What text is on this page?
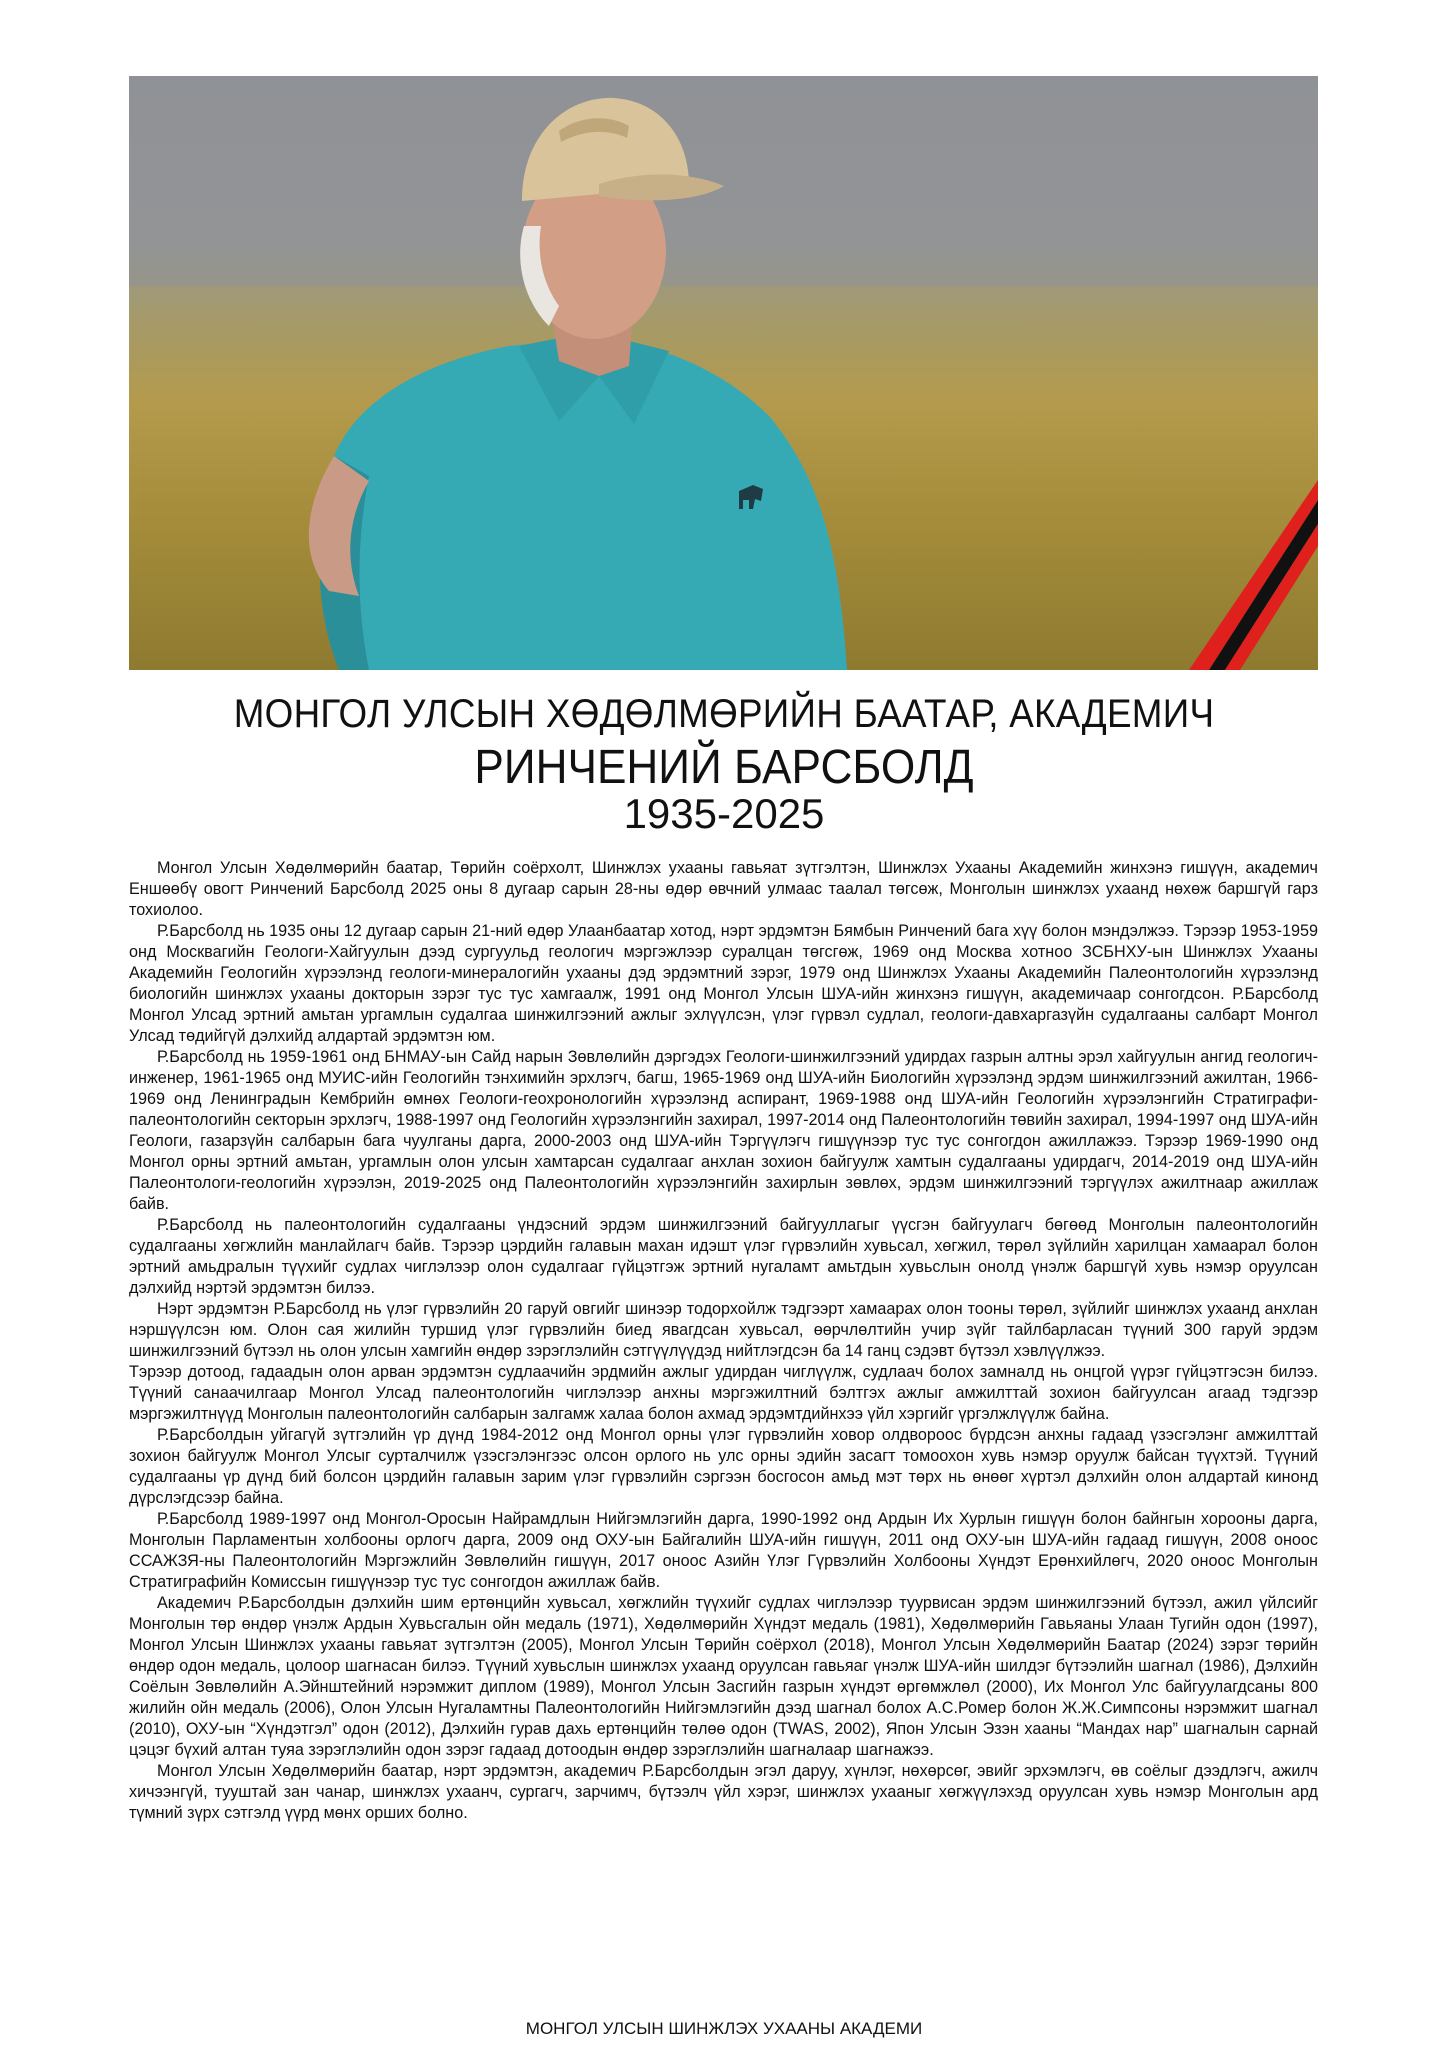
МОНГОЛ УЛСЫН ХӨДӨЛМӨРИЙН БААТАР, АКАДЕМИЧ
РИНЧЕНИЙ БАРСБОЛД
1935-2025

Монгол Улсын Хөдөлмөрийн баатар, Төрийн соёрхолт, Шинжлэх ухааны гавьяат зүтгэлтэн, Шинжлэх Ухааны Академийн жинхэнэ гишүүн, академич Еншөөбү овогт Ринчений Барсболд 2025 оны 8 дугаар сарын 28-ны өдөр өвчний улмаас таалал төгсөж, Монголын шинжлэх ухаанд нөхөж баршгүй гарз тохиолоо.

Р.Барсболд нь 1935 оны 12 дугаар сарын 21-ний өдөр Улаанбаатар хотод, нэрт эрдэмтэн Бямбын Ринчений бага хүү болон мэндэлжээ. Тэрээр 1953-1959 онд Москвагийн Геологи-Хайгуулын дээд сургуульд геологич мэргэжлээр суралцан төгсгөж, 1969 онд Москва хотноо ЗСБНХУ-ын Шинжлэх Ухааны Академийн Геологийн хүрээлэнд геологи-минералогийн ухааны дэд эрдэмтний зэрэг, 1979 онд Шинжлэх Ухааны Академийн Палеонтологийн хүрээлэнд биологийн шинжлэх ухааны докторын зэрэг тус тус хамгаалж, 1991 онд Монгол Улсын ШУА-ийн жинхэнэ гишүүн, академичаар сонгогдсон. Р.Барсболд Монгол Улсад эртний амьтан ургамлын судалгаа шинжилгээний ажлыг эхлүүлсэн, үлэг гүрвэл судлал, геологи-давхаргазүйн судалгааны салбарт Монгол Улсад төдийгүй дэлхийд алдартай эрдэмтэн юм.

Р.Барсболд нь 1959-1961 онд БНМАУ-ын Сайд нарын Зөвлөлийн дэргэдэх Геологи-шинжилгээний удирдах газрын алтны эрэл хайгуулын ангид геологич-инженер, 1961-1965 онд МУИС-ийн Геологийн тэнхимийн эрхлэгч, багш, 1965-1969 онд ШУА-ийн Биологийн хүрээлэнд эрдэм шинжилгээний ажилтан, 1966-1969 онд Ленинградын Кембрийн өмнөх Геологи-геохронологийн хүрээлэнд аспирант, 1969-1988 онд ШУА-ийн Геологийн хүрээлэнгийн Стратиграфи-палеонтологийн секторын эрхлэгч, 1988-1997 онд Геологийн хүрээлэнгийн захирал, 1997-2014 онд Палеонтологийн төвийн захирал, 1994-1997 онд ШУА-ийн Геологи, газарзүйн салбарын бага чуулганы дарга, 2000-2003 онд ШУА-ийн Тэргүүлэгч гишүүнээр тус тус сонгогдон ажиллажээ. Тэрээр 1969-1990 онд Монгол орны эртний амьтан, ургамлын олон улсын хамтарсан судалгааг анхлан зохион байгуулж хамтын судалгааны удирдагч, 2014-2019 онд ШУА-ийн Палеонтологи-геологийн хүрээлэн, 2019-2025 онд Палеонтологийн хүрээлэнгийн захирлын зөвлөх, эрдэм шинжилгээний тэргүүлэх ажилтнаар ажиллаж байв.

Р.Барсболд нь палеонтологийн судалгааны үндэсний эрдэм шинжилгээний байгууллагыг үүсгэн байгуулагч бөгөөд Монголын палеонтологийн судалгааны хөгжлийн манлайлагч байв. Тэрээр цэрдийн галавын махан идэшт үлэг гүрвэлийн хувьсал, хөгжил, төрөл зүйлийн харилцан хамаарал болон эртний амьдралын түүхийг судлах чиглэлээр олон судалгааг гүйцэтгэж эртний нугаламт амьтдын хувьслын онолд үнэлж баршгүй хувь нэмэр оруулсан дэлхийд нэртэй эрдэмтэн билээ.

Нэрт эрдэмтэн Р.Барсболд нь үлэг гүрвэлийн 20 гаруй овгийг шинээр тодорхойлж тэдгээрт хамаарах олон тооны төрөл, зүйлийг шинжлэх ухаанд анхлан нэршүүлсэн юм. Олон сая жилийн туршид үлэг гүрвэлийн биед явагдсан хувьсал, өөрчлөлтийн учир зүйг тайлбарласан түүний 300 гаруй эрдэм шинжилгээний бүтээл нь олон улсын хамгийн өндөр зэрэглэлийн сэтгүүлүүдэд нийтлэгдсэн ба 14 ганц сэдэвт бүтээл хэвлүүлжээ.

Тэрээр дотоод, гадаадын олон арван эрдэмтэн судлаачийн эрдмийн ажлыг удирдан чиглүүлж, судлаач болох замналд нь онцгой үүрэг гүйцэтгэсэн билээ. Түүний санаачилгаар Монгол Улсад палеонтологийн чиглэлээр анхны мэргэжилтний бэлтгэх ажлыг амжилттай зохион байгуулсан агаад тэдгээр мэргэжилтнүүд Монголын палеонтологийн салбарын залгамж халаа болон ахмад эрдэмтдийнхээ үйл хэргийг үргэлжлүүлж байна.

Р.Барсболдын уйгагүй зүтгэлийн үр дүнд 1984-2012 онд Монгол орны үлэг гүрвэлийн ховор олдвороос бүрдсэн анхны гадаад үзэсгэлэнг амжилттай зохион байгуулж Монгол Улсыг сурталчилж үзэсгэлэнгээс олсон орлого нь улс орны эдийн засагт томоохон хувь нэмэр оруулж байсан түүхтэй. Түүний судалгааны үр дүнд бий болсон цэрдийн галавын зарим үлэг гүрвэлийн сэргээн босгосон амьд мэт төрх нь өнөөг хүртэл дэлхийн олон алдартай кинонд дүрслэгдсээр байна.

Р.Барсболд 1989-1997 онд Монгол-Оросын Найрамдлын Нийгэмлэгийн дарга, 1990-1992 онд Ардын Их Хурлын гишүүн болон байнгын хорооны дарга, Монголын Парламентын холбооны орлогч дарга, 2009 онд ОХУ-ын Байгалийн ШУА-ийн гишүүн, 2011 онд ОХУ-ын ШУА-ийн гадаад гишүүн, 2008 оноос ССАЖЗЯ-ны Палеонтологийн Мэргэжлийн Зөвлөлийн гишүүн, 2017 оноос Азийн Үлэг Гүрвэлийн Холбооны Хүндэт Ерөнхийлөгч, 2020 оноос Монголын Стратиграфийн Комиссын гишүүнээр тус тус сонгогдон ажиллаж байв.

Академич Р.Барсболдын дэлхийн шим ертөнцийн хувьсал, хөгжлийн түүхийг судлах чиглэлээр туурвисан эрдэм шинжилгээний бүтээл, ажил үйлсийг Монголын төр өндөр үнэлж Ардын Хувьсгалын ойн медаль (1971), Хөдөлмөрийн Хүндэт медаль (1981), Хөдөлмөрийн Гавьяаны Улаан Тугийн одон (1997), Монгол Улсын Шинжлэх ухааны гавьяат зүтгэлтэн (2005), Монгол Улсын Төрийн соёрхол (2018), Монгол Улсын Хөдөлмөрийн Баатар (2024) зэрэг төрийн өндөр одон медаль, цолоор шагнасан билээ. Түүний хувьслын шинжлэх ухаанд оруулсан гавьяаг үнэлж ШУА-ийн шилдэг бүтээлийн шагнал (1986), Дэлхийн Соёлын Зөвлөлийн А.Эйнштейний нэрэмжит диплом (1989), Монгол Улсын Засгийн газрын хүндэт өргөмжлөл (2000), Их Монгол Улс байгуулагдсаны 800 жилийн ойн медаль (2006), Олон Улсын Нугаламтны Палеонтологийн Нийгэмлэгийн дээд шагнал болох А.С.Ромер болон Ж.Ж.Симпсоны нэрэмжит шагнал (2010), ОХУ-ын “Хүндэтгэл” одон (2012), Дэлхийн гурав дахь ертөнцийн төлөө одон (TWAS, 2002), Япон Улсын Эзэн хааны “Мандах нар” шагналын сарнай цэцэг бүхий алтан туяа зэрэглэлийн одон зэрэг гадаад дотоодын өндөр зэрэглэлийн шагналаар шагнажээ.

Монгол Улсын Хөдөлмөрийн баатар, нэрт эрдэмтэн, академич Р.Барсболдын эгэл даруу, хүнлэг, нөхөрсөг, эвийг эрхэмлэгч, өв соёлыг дээдлэгч, ажилч хичээнгүй, тууштай зан чанар, шинжлэх ухаанч, сургагч, зарчимч, бүтээлч үйл хэрэг, шинжлэх ухааныг хөгжүүлэхэд оруулсан хувь нэмэр Монголын ард түмний зүрх сэтгэлд үүрд мөнх орших болно.

МОНГОЛ УЛСЫН ШИНЖЛЭХ УХААНЫ АКАДЕМИ
